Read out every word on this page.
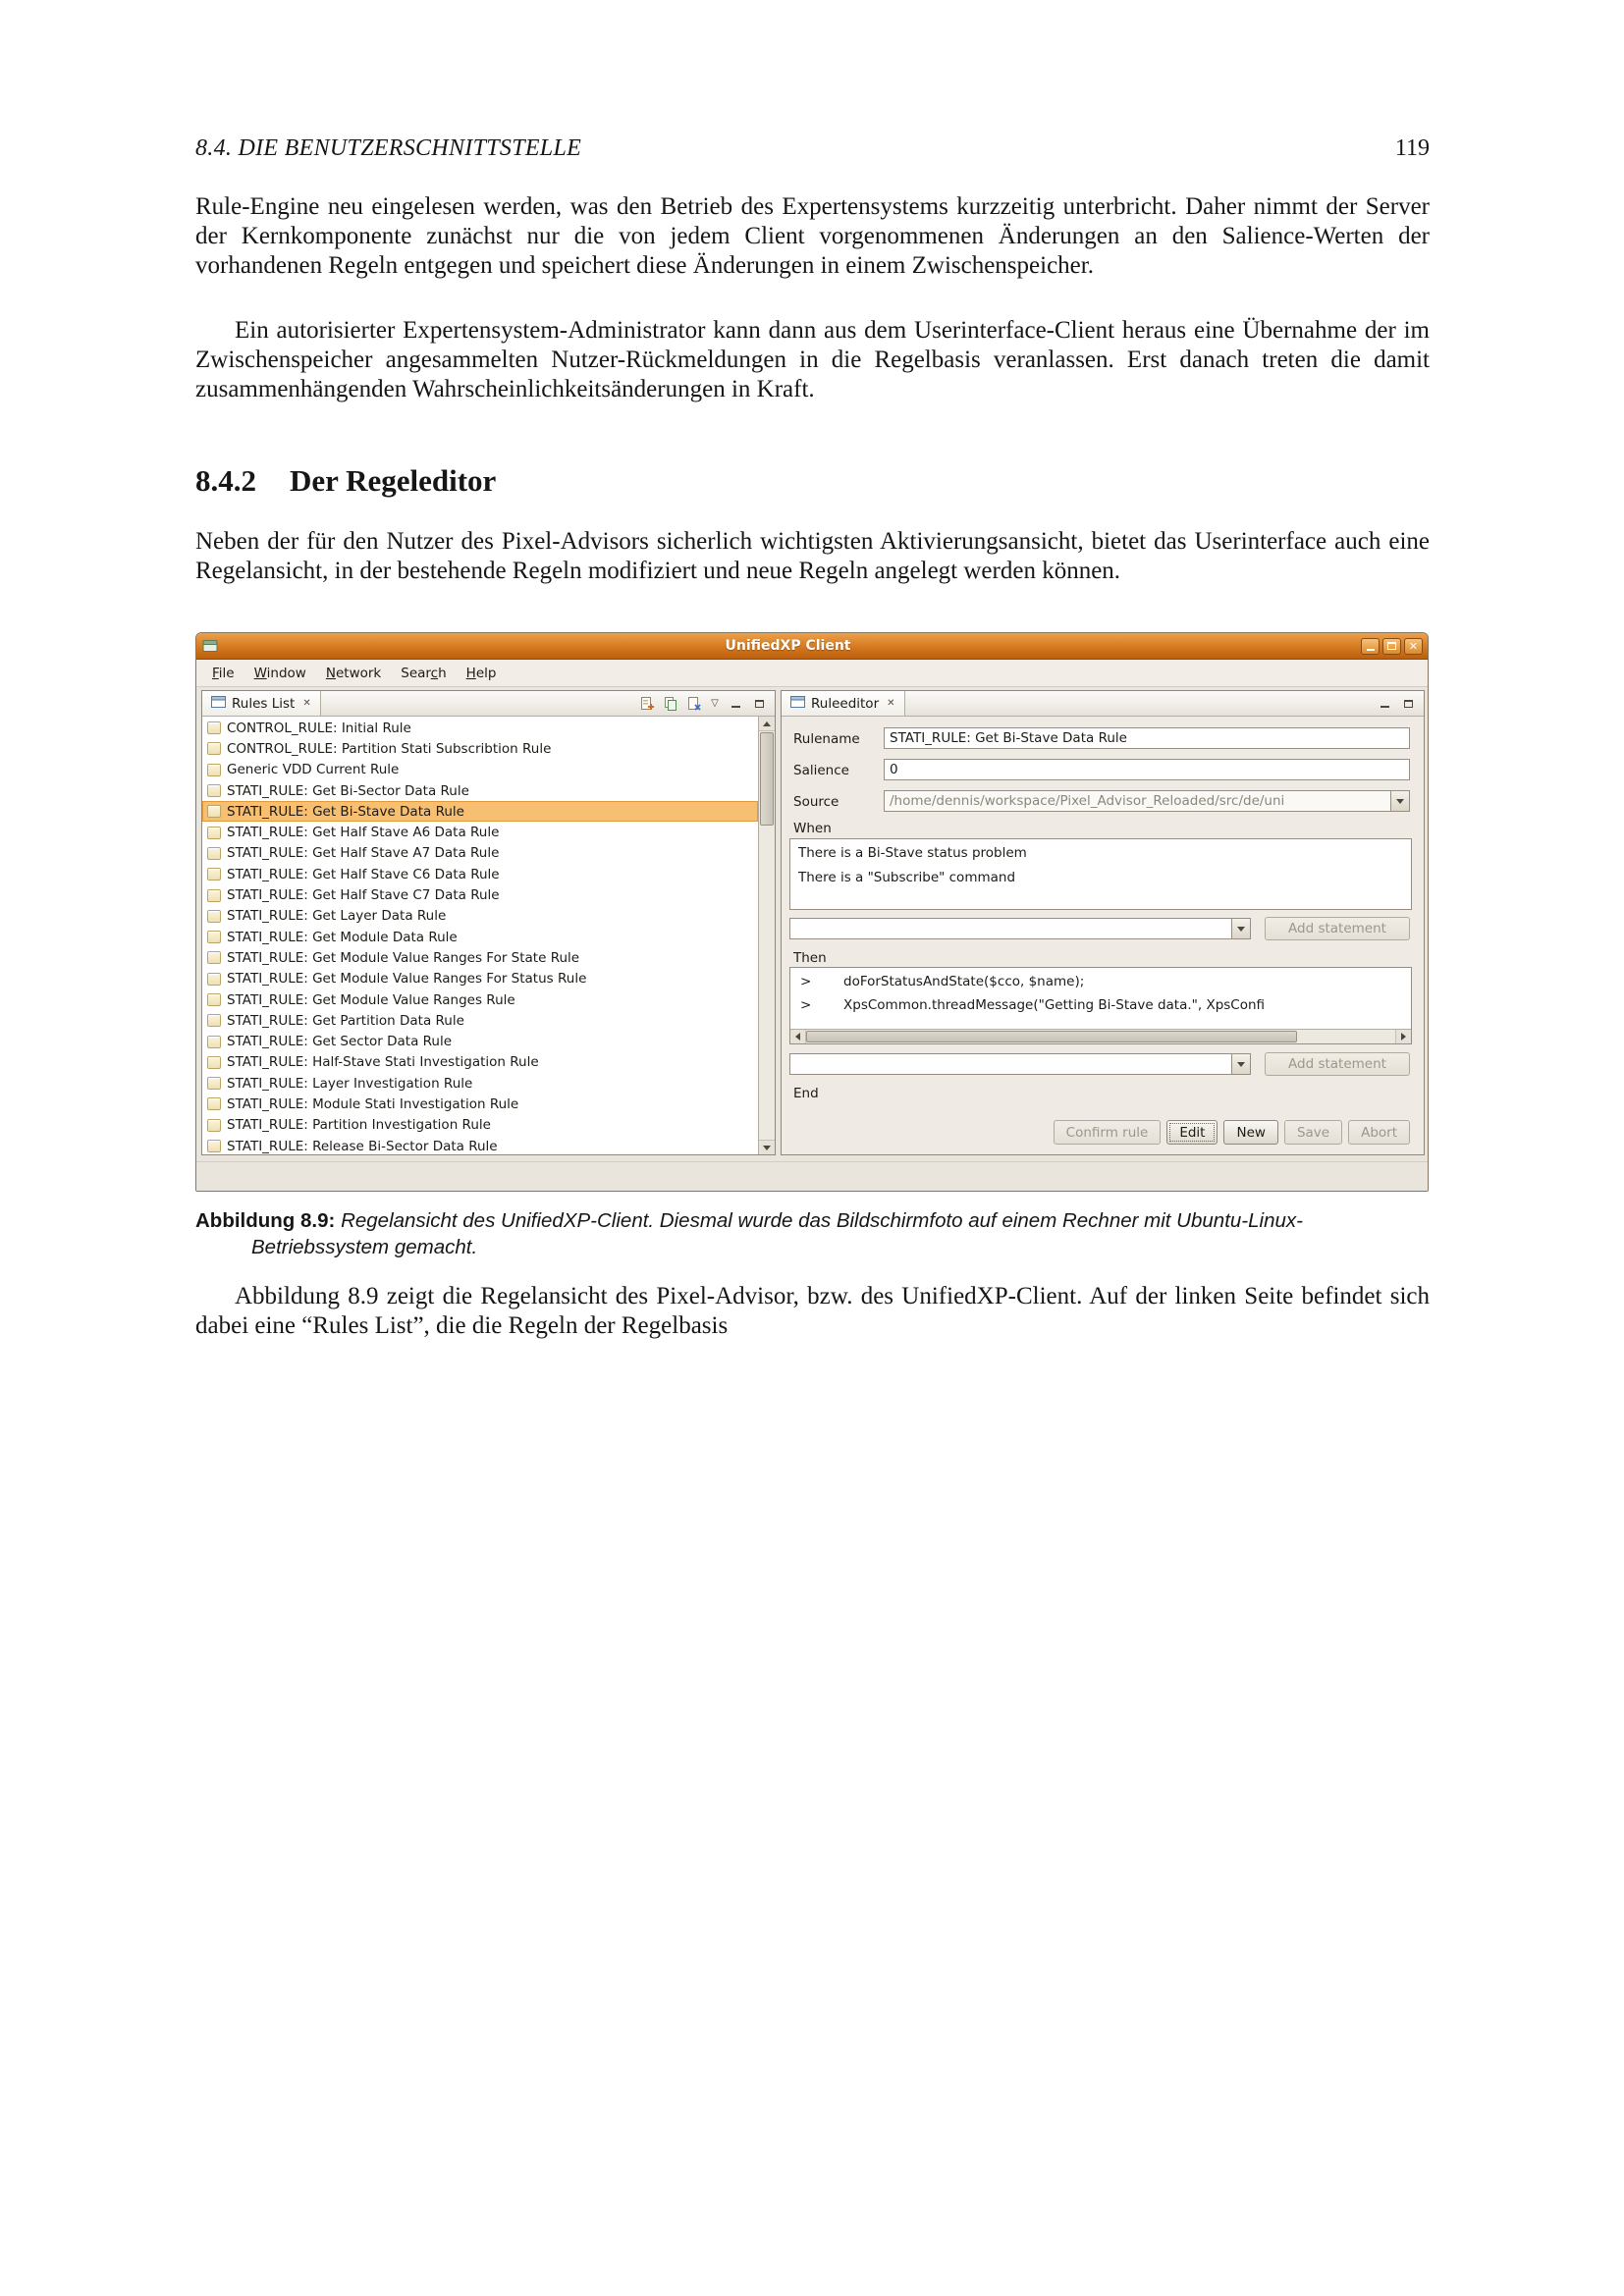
8.4. DIE BENUTZERSCHNITTSTELLE	119

Rule-Engine neu eingelesen werden, was den Betrieb des Expertensystems kurzzeitig unterbricht. Daher nimmt der Server der Kernkomponente zunächst nur die von jedem Client vorgenommenen Änderungen an den Salience-Werten der vorhandenen Regeln entgegen und speichert diese Änderungen in einem Zwischenspeicher.

Ein autorisierter Expertensystem-Administrator kann dann aus dem Userinterface-Client heraus eine Übernahme der im Zwischenspeicher angesammelten Nutzer-Rückmeldungen in die Regelbasis veranlassen. Erst danach treten die damit zusammenhängenden Wahrscheinlichkeitsänderungen in Kraft.

8.4.2 Der Regeleditor

Neben der für den Nutzer des Pixel-Advisors sicherlich wichtigsten Aktivierungsansicht, bietet das Userinterface auch eine Regelansicht, in der bestehende Regeln modifiziert und neue Regeln angelegt werden können.

UnifiedXP Client	✕
File	Window	Network	Search	Help
Rules List ✕	▽
CONTROL_RULE: Initial Rule
CONTROL_RULE: Partition Stati Subscribtion Rule
Generic VDD Current Rule
STATI_RULE: Get Bi-Sector Data Rule
STATI_RULE: Get Bi-Stave Data Rule
STATI_RULE: Get Half Stave A6 Data Rule
STATI_RULE: Get Half Stave A7 Data Rule
STATI_RULE: Get Half Stave C6 Data Rule
STATI_RULE: Get Half Stave C7 Data Rule
STATI_RULE: Get Layer Data Rule
STATI_RULE: Get Module Data Rule
STATI_RULE: Get Module Value Ranges For State Rule
STATI_RULE: Get Module Value Ranges For Status Rule
STATI_RULE: Get Module Value Ranges Rule
STATI_RULE: Get Partition Data Rule
STATI_RULE: Get Sector Data Rule
STATI_RULE: Half-Stave Stati Investigation Rule
STATI_RULE: Layer Investigation Rule
STATI_RULE: Module Stati Investigation Rule
STATI_RULE: Partition Investigation Rule
STATI_RULE: Release Bi-Sector Data Rule
Ruleeditor ✕
Rulename	STATI_RULE: Get Bi-Stave Data Rule
Salience	0
Source	/home/dennis/workspace/Pixel_Advisor_Reloaded/src/de/uni
When
There is a Bi-Stave status problem
There is a "Subscribe" command
Add statement
Then
>	doForStatusAndState($cco, $name);
>	XpsCommon.threadMessage("Getting Bi-Stave data.", XpsConfi
Add statement
End
Confirm rule	Edit	New	Save	Abort
Abbildung 8.9: Regelansicht des UnifiedXP-Client. Diesmal wurde das Bildschirmfoto auf einem Rechner mit Ubuntu-Linux-Betriebssystem gemacht.

Abbildung 8.9 zeigt die Regelansicht des Pixel-Advisor, bzw. des UnifiedXP-Client. Auf der linken Seite befindet sich dabei eine “Rules List”, die die Regeln der Regelbasis
